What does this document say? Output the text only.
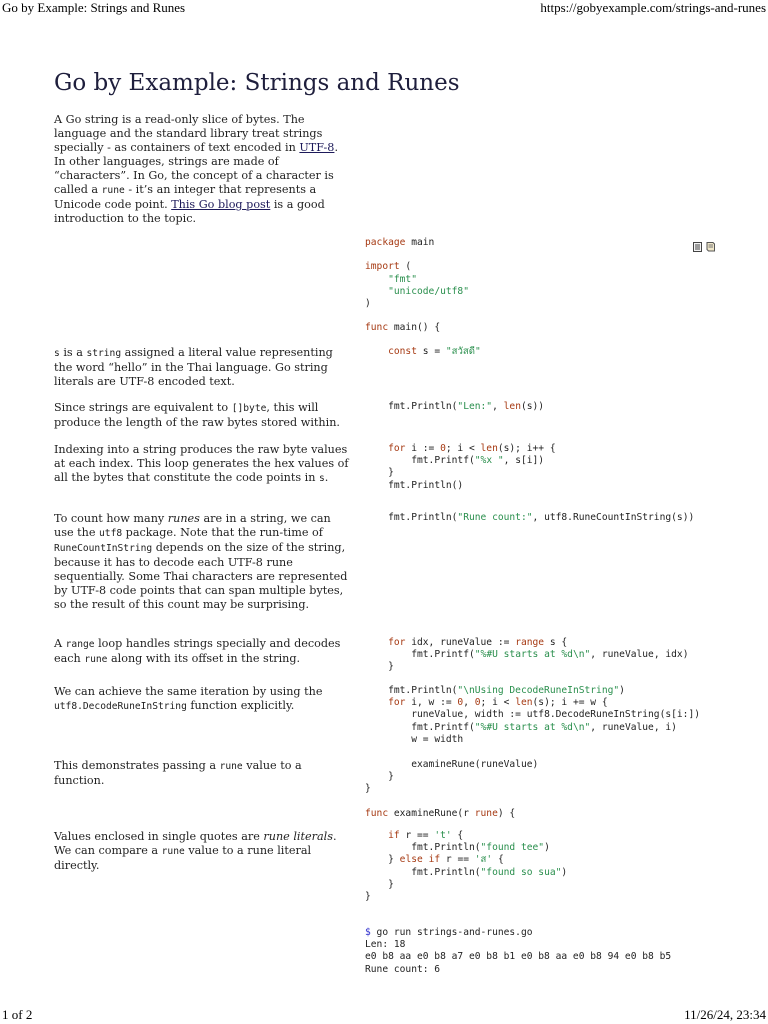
Go by Example: Strings and Runes	https://gobyexample.com/strings-and-runes
1 of 2	11/26/24, 23:34
Go by Example: Strings and Runes
A Go string is a read-only slice of bytes. The language and the standard library treat strings specially - as containers of text encoded in UTF-8. In other languages, strings are made of “characters”. In Go, the concept of a character is called a rune - it’s an integer that represents a Unicode code point. This Go blog post is a good introduction to the topic.
package main

import (
"fmt"
"unicode/utf8"
)

func main() {
s is a string assigned a literal value representing the word “hello” in the Thai language. Go string literals are UTF-8 encoded text.
const s = "สวัสดี"
Since strings are equivalent to []byte, this will produce the length of the raw bytes stored within.
fmt.Println("Len:", len(s))
Indexing into a string produces the raw byte values at each index. This loop generates the hex values of all the bytes that constitute the code points in s.
for i := 0; i < len(s); i++ {
fmt.Printf("%x ", s[i])
}
fmt.Println()
To count how many runes are in a string, we can use the utf8 package. Note that the run-time of RuneCountInString depends on the size of the string, because it has to decode each UTF-8 rune sequentially. Some Thai characters are represented by UTF-8 code points that can span multiple bytes, so the result of this count may be surprising.
fmt.Println("Rune count:", utf8.RuneCountInString(s))
A range loop handles strings specially and decodes each rune along with its offset in the string.
for idx, runeValue := range s {
fmt.Printf("%#U starts at %d\n", runeValue, idx)
}
We can achieve the same iteration by using the utf8.DecodeRuneInString function explicitly.
fmt.Println("\nUsing DecodeRuneInString")
for i, w := 0, 0; i < len(s); i += w {
runeValue, width := utf8.DecodeRuneInString(s[i:])
fmt.Printf("%#U starts at %d\n", runeValue, i)
w = width
This demonstrates passing a rune value to a function.
examineRune(runeValue)
}
}

func examineRune(r rune) {
Values enclosed in single quotes are rune literals. We can compare a rune value to a rune literal directly.
if r == 't' {
fmt.Println("found tee")
} else if r == 'ส' {
fmt.Println("found so sua")
}
}
$ go run strings-and-runes.go
Len: 18
e0 b8 aa e0 b8 a7 e0 b8 b1 e0 b8 aa e0 b8 94 e0 b8 b5
Rune count: 6
